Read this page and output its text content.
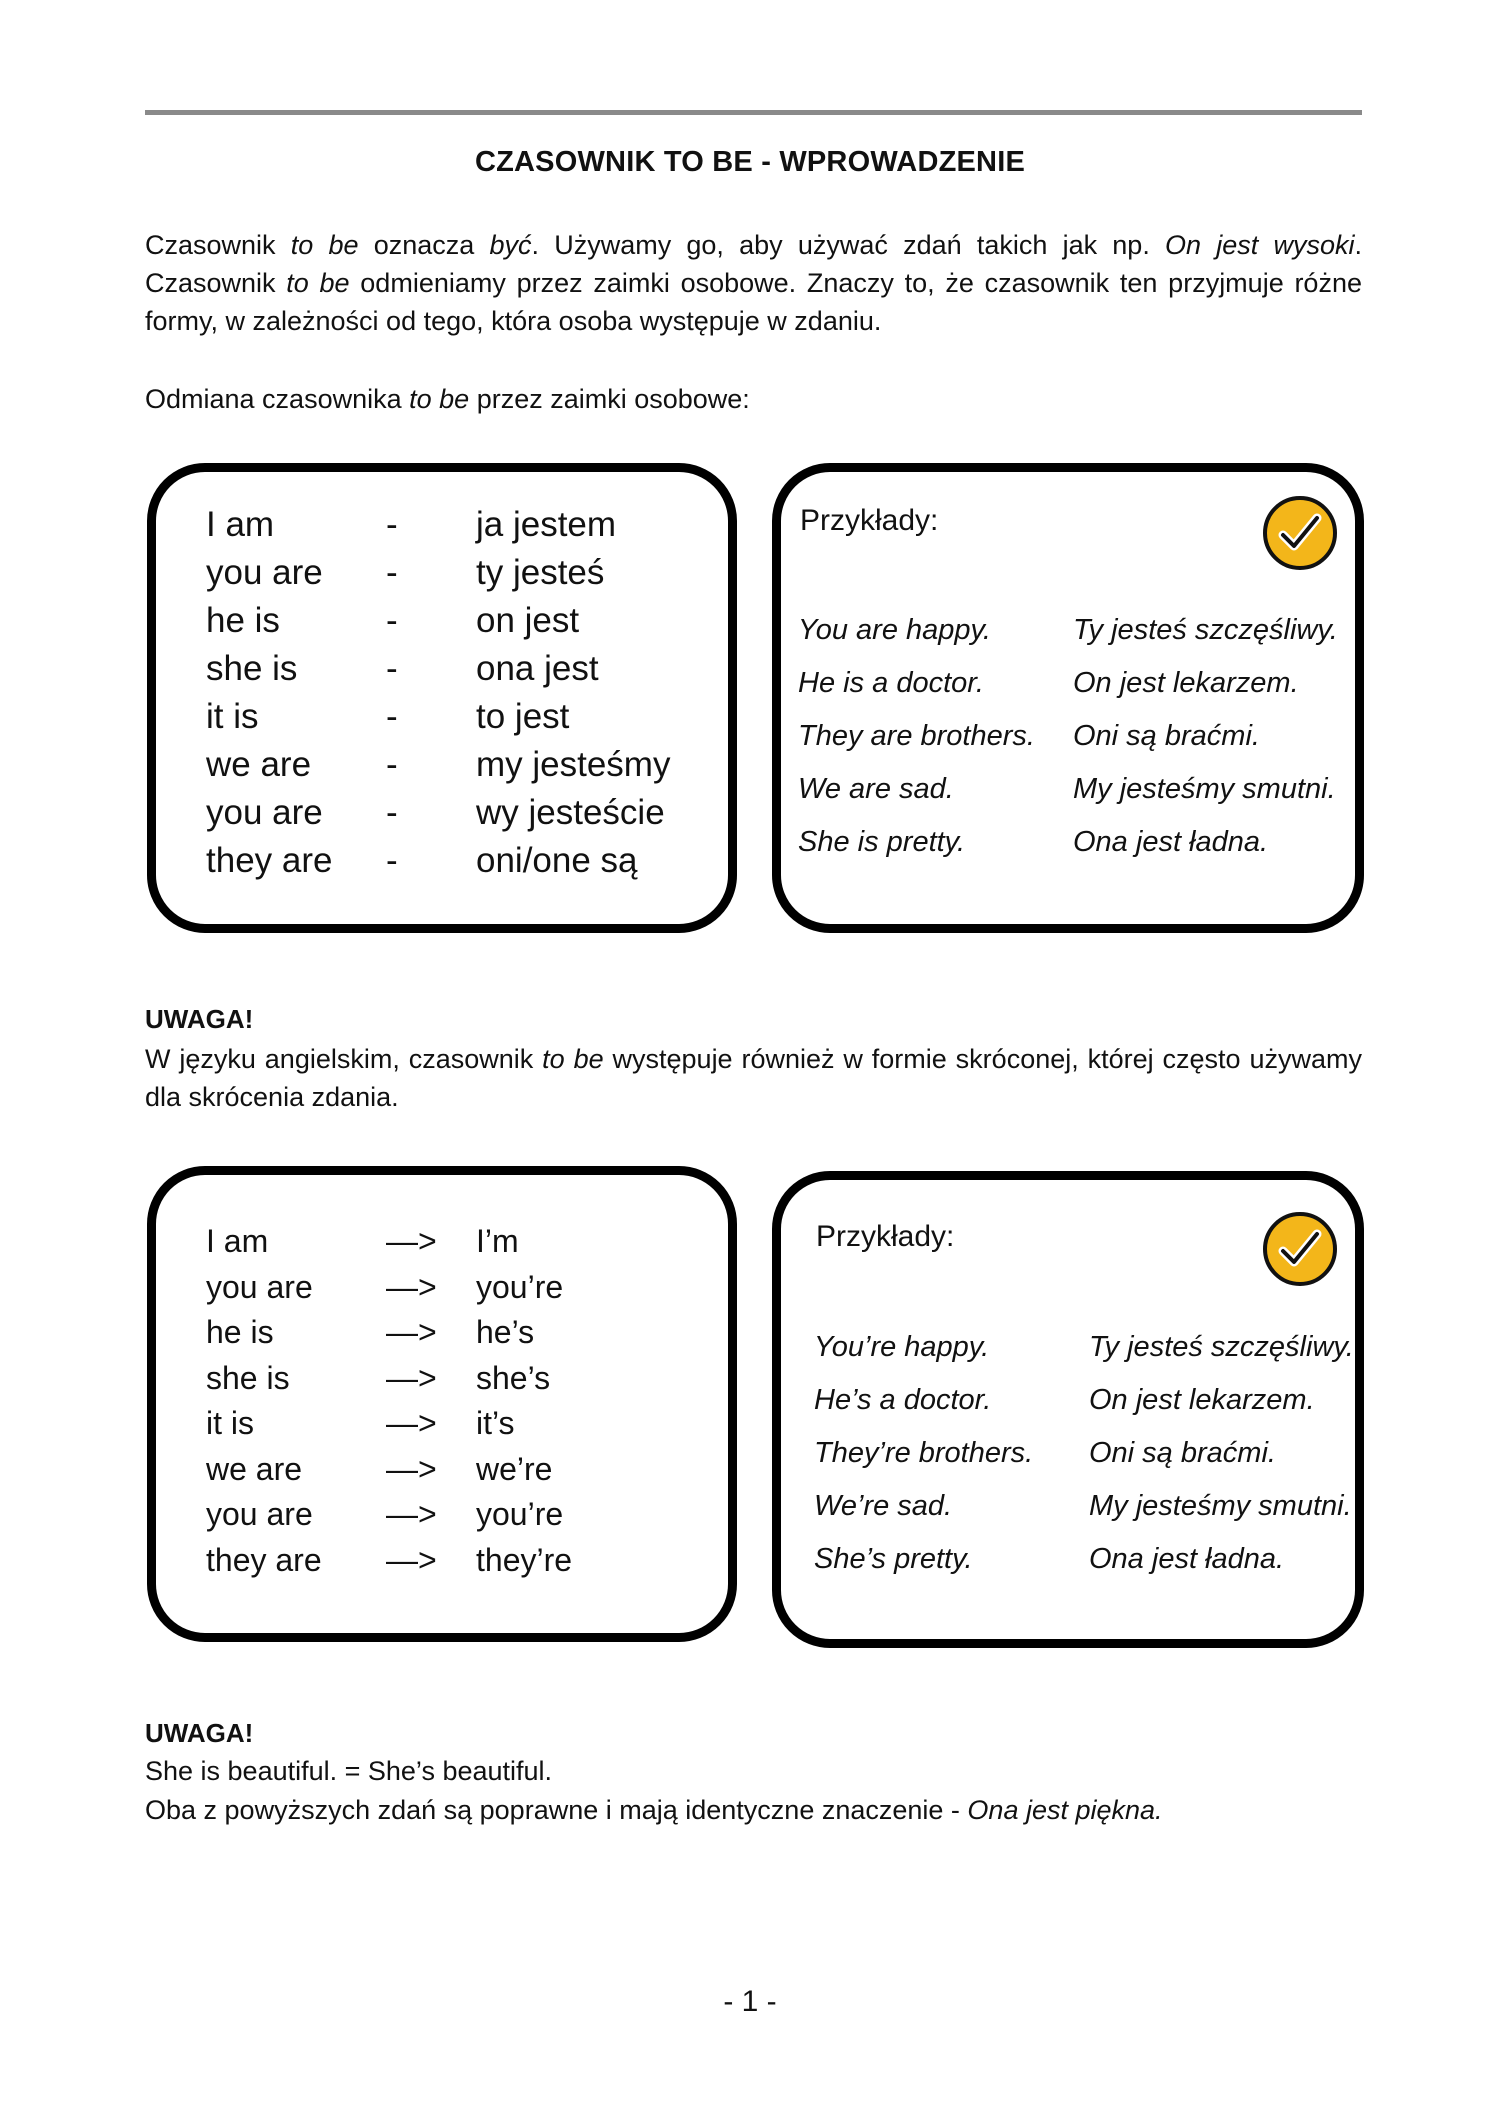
CZASOWNIK TO BE - WPROWADZENIE
Czasownik to be oznacza być. Używamy go, aby używać zdań takich jak np. On jest wysoki. Czasownik to be odmieniamy przez zaimki osobowe. Znaczy to, że czasownik ten przyjmuje różne formy, w zależności od tego, która osoba występuje w zdaniu.
Odmiana czasownika to be przez zaimki osobowe:
I am
you are
he is
she is
it is
we are
you are
they are
-
-
-
-
-
-
-
-
ja jestem
ty jesteś
on jest
ona jest
to jest
my jesteśmy
wy jesteście
oni/one są
Przykłady:
You are happy.
He is a doctor.
They are brothers.
We are sad.
She is pretty.
Ty jesteś szczęśliwy.
On jest lekarzem.
Oni są braćmi.
My jesteśmy smutni.
Ona jest ładna.
UWAGA!
W języku angielskim, czasownik to be występuje również w formie skróconej, której często używamy dla skrócenia zdania.
I am
you are
he is
she is
it is
we are
you are
they are
—>
—>
—>
—>
—>
—>
—>
—>
I’m
you’re
he’s
she’s
it’s
we’re
you’re
they’re
Przykłady:
You’re happy.
He’s a doctor.
They’re brothers.
We’re sad.
She’s pretty.
Ty jesteś szczęśliwy.
On jest lekarzem.
Oni są braćmi.
My jesteśmy smutni.
Ona jest ładna.
UWAGA!
She is beautiful. = She’s beautiful.
Oba z powyższych zdań są poprawne i mają identyczne znaczenie - Ona jest piękna.
- 1 -
